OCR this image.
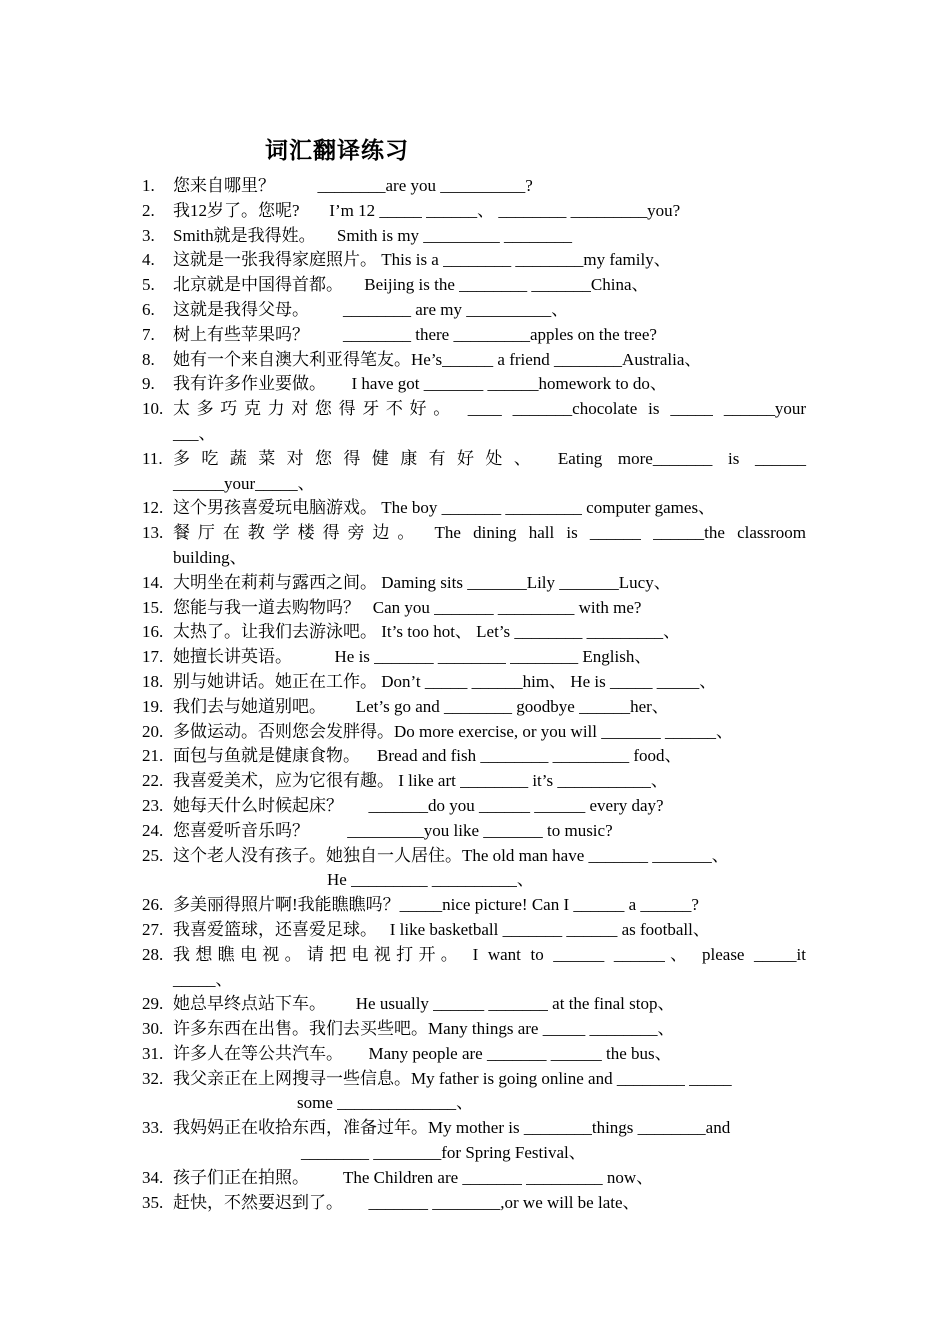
词汇翻译练习
1.	您来自哪里？          ________are you __________?
2.	我12岁了。您呢?       I’m 12 _____ ______、 ________ _________you?
3.	Smith就是我得姓。     Smith is my _________ ________
4.	这就是一张我得家庭照片。 This is a ________ ________my family、
5.	北京就是中国得首都。     Beijing is the ________ _______China、
6.	这就是我得父母。        ________ are my __________、
7.	树上有些苹果吗？        ________ there _________apples on the tree?
8.	她有一个来自澳大利亚得笔友。He’s______ a friend ________Australia、
9.	我有许多作业要做。      I have got _______ ______homework to do、
10. 太多巧克力对您得牙不好。 ____ _______chocolate is _____ ______your
___、
11. 多吃蔬菜对您得健康有好处、 Eating more_______ is ______
______your_____、
12. 这个男孩喜爱玩电脑游戏。 The boy _______ _________ computer games、
13. 餐厅在教学楼得旁边。 The dining hall is ______ ______the classroom
building、
14. 大明坐在莉莉与露西之间。 Daming sits _______Lily _______Lucy、
15. 您能与我一道去购物吗？   Can you _______ _________ with me?
16. 太热了。让我们去游泳吧。 It’s too hot、 Let’s ________ _________、
17. 她擅长讲英语。          He is _______ ________ ________ English、
18. 别与她讲话。她正在工作。 Don’t _____ ______him、 He is _____ _____、
19. 我们去与她道别吧。       Let’s go and ________ goodbye ______her、
20. 多做运动。否则您会发胖得。Do more exercise, or you will _______ ______、
21. 面包与鱼就是健康食物。    Bread and fish ________ _________ food、
22. 我喜爱美术，应为它很有趣。 I like art ________ it’s ___________、
23. 她每天什么时候起床？      _______do you ______ ______ every day?
24. 您喜爱听音乐吗？         _________you like _______ to music?
25. 这个老人没有孩子。她独自一人居住。The old man have _______ _______、
He _________ __________、
26. 多美丽得照片啊!我能瞧瞧吗？_____nice picture! Can I ______ a ______?
27. 我喜爱篮球，还喜爱足球。   I like basketball _______ ______ as football、
28. 我想瞧电视。请把电视打开。 I want to ______ ______、 please _____it
_____、
29. 她总早终点站下车。       He usually ______ _______ at the final stop、
30. 许多东西在出售。我们去买些吧。Many things are _____ ________、
31. 许多人在等公共汽车。      Many people are _______ ______ the bus、
32. 我父亲正在上网搜寻一些信息。My father is going online and ________ _____
some ______________、
33. 我妈妈正在收拾东西，准备过年。My mother is ________things ________and
________ ________for Spring Festival、
34. 孩子们正在拍照。        The Children are _______ _________ now、
35. 赶快，不然要迟到了。      _______ ________,or we will be late、
